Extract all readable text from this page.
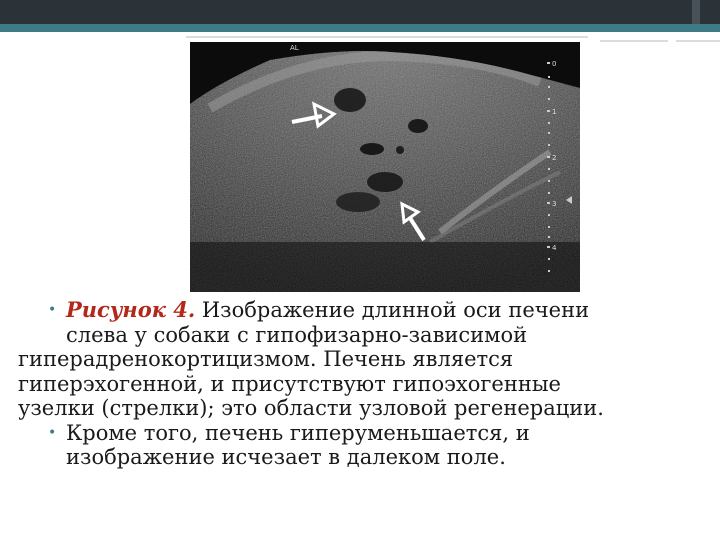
AL
0
1
2
3
4
• Рисунок 4. Изображение длинной оси печени
слева у собаки с гипофизарно-зависимой
гиперадренокортицизмом. Печень является
гиперэхогенной, и присутствуют гипоэхогенные
узелки (стрелки); это области узловой регенерации.
• Кроме того, печень гиперуменьшается, и
изображение исчезает в далеком поле.
